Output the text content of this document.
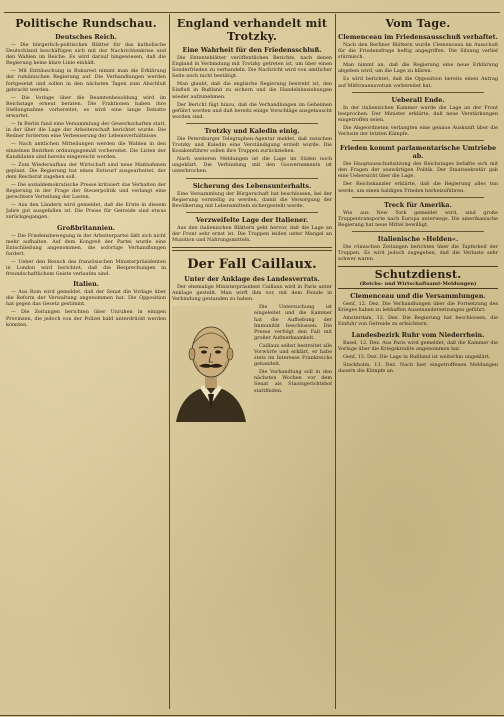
Politische Rundschau.
Deutsches Reich.

— Die bürgerlich-politischen Blätter für das katholische Deutschland beschäftigen sich mit der Nachrichtenkrise und den Wahlen im Reiche. Es wird darauf hingewiesen, daß die Regierung keine klare Linie einhält.

— Mit Enttäuschung in Bukarest nimmt man die Erklärung der rumänischen Regierung auf. Die Verhandlungen werden fortgesetzt und sollen in den nächsten Tagen zum Abschluß gebracht werden.

— Die Vorlage über die Beamtenbesoldung wird im Reichstage erneut beraten. Die Fraktionen haben ihre Stellungnahme vorbereitet; es wird eine lange Debatte erwartet.

— In Berlin fand eine Versammlung der Gewerkschaften statt, in der über die Lage der Arbeiterschaft berichtet wurde. Die Redner forderten eine Verbesserung der Lebensverhältnisse.

— Nach amtlichen Mitteilungen werden die Wahlen in den einzelnen Bezirken ordnungsgemäß vorbereitet. Die Listen der Kandidaten sind bereits eingereicht worden.

— Zum Wiederaufbau der Wirtschaft sind neue Maßnahmen geplant. Die Regierung hat einen Entwurf ausgearbeitet, der dem Reichsrat zugehen soll.

— Die sozialdemokratische Presse kritisiert das Verhalten der Regierung in der Frage der Steuerpolitik und verlangt eine gerechtere Verteilung der Lasten.

— Aus den Ländern wird gemeldet, daß die Ernte in diesem Jahre gut ausgefallen ist. Die Preise für Getreide sind etwas zurückgegangen.

Großbritannien.

— Die Friedensbewegung in der Arbeiterpartei läßt sich nicht mehr aufhalten. Auf dem Kongreß der Partei wurde eine Entschließung angenommen, die sofortige Verhandlungen fordert.

— Ueber den Besuch des französischen Ministerpräsidenten in London wird berichtet, daß die Besprechungen in freundschaftlichem Geiste verlaufen sind.

Italien.

— Aus Rom wird gemeldet, daß der Senat die Vorlage über die Reform der Verwaltung angenommen hat. Die Opposition hat gegen das Gesetz gestimmt.

— Die Zeitungen berichten über Unruhen in einigen Provinzen, die jedoch von der Polizei bald unterdrückt werden konnten.

England verhandelt mit Trotzky.
Eine Wahrheit für den Friedensschluß.

Die Ententeblätter veröffentlichen Berichte, nach denen England in Verbindung mit Trotzky getreten ist, um über einen Sonderfrieden zu verhandeln. Die Nachricht wird von amtlicher Seite noch nicht bestätigt.

Man glaubt, daß die englische Regierung bestrebt ist, den Einfluß in Rußland zu sichern und die Handelsbeziehungen wieder aufzunehmen.

Der Bericht fügt hinzu, daß die Verhandlungen im Geheimen geführt werden und daß bereits einige Vorschläge ausgetauscht worden sind.

Trotzky und Kaledin einig.

Die Petersburger Telegraphen-Agentur meldet, daß zwischen Trotzky und Kaledin eine Verständigung erzielt wurde. Die Kosakenführer sollen ihre Truppen zurückziehen.

Nach weiteren Meldungen ist die Lage im Süden noch ungeklärt. Die Verbindung mit den Gouvernements ist unterbrochen.

Sicherung des Lebensunterhalts.

Eine Versammlung der Bürgerschaft hat beschlossen, bei der Regierung vorstellig zu werden, damit die Versorgung der Bevölkerung mit Lebensmitteln sichergestellt werde.

Verzweifelte Lage der Italiener.

Aus den italienischen Blättern geht hervor, daß die Lage an der Front sehr ernst ist. Die Truppen leiden unter Mangel an Munition und Nahrungsmitteln.

Der Fall Caillaux.
Unter der Anklage des Landesverrats.

Der ehemalige Ministerpräsident Caillaux wird in Paris unter Anklage gestellt. Man wirft ihm vor, mit dem Feinde in Verbindung gestanden zu haben.

Die Untersuchung ist eingeleitet und die Kammer hat die Aufhebung der Immunität beschlossen. Die Presse verfolgt den Fall mit großer Aufmerksamkeit.

Caillaux selbst bestreitet alle Vorwürfe und erklärt, er habe stets im Interesse Frankreichs gehandelt.

Die Verhandlung soll in den nächsten Wochen vor dem Senat als Staatsgerichtshof stattfinden.

Vom Tage.
Clemenceau im Friedensausschuß verhaftet.

Nach den Berliner Blättern wurde Clemenceau im Ausschuß für die Friedensfrage heftig angegriffen. Die Sitzung verlief stürmisch.

Man nimmt an, daß die Regierung eine neue Erklärung abgeben wird, um die Lage zu klären.

Es wird berichtet, daß die Opposition bereits einen Antrag auf Mißtrauensvotum vorbereitet hat.

Ueberall Ende.

In der italienischen Kammer wurde die Lage an der Front besprochen. Der Minister erklärte, daß neue Verstärkungen eingetroffen seien.

Die Abgeordneten verlangten eine genaue Auskunft über die Verluste der letzten Kämpfe.

Frieden kommt parlamentarische Umtriebe ab.

Die Hauptausschußsitzung des Reichstages befaßte sich mit den Fragen der auswärtigen Politik. Der Staatssekretär gab eine Uebersicht über die Lage.

Der Reichskanzler erklärte, daß die Regierung alles tun werde, um einen baldigen Frieden herbeizuführen.

Treck für Amerika.

Wie aus New York gemeldet wird, sind große Truppentransporte nach Europa unterwegs. Die amerikanische Regierung hat neue Mittel bewilligt.

Italienische »Helden«.

Die römischen Zeitungen berichten über die Tapferkeit der Truppen. Es wird jedoch zugegeben, daß die Verluste sehr schwer waren.

Schutzdienst.
(Reichs- und Wirtschaftsamt-Meldungen)
Clemenceau und die Versammlungen.

Genf, 12. Dez. Die Verhandlungen über die Fortsetzung des Krieges haben zu lebhaften Auseinandersetzungen geführt.

Amsterdam, 12. Dez. Die Regierung hat beschlossen, die Einfuhr von Getreide zu erleichtern.

Landesbezirk Ruhr vom Niederrhein.

Basel, 12. Dez. Aus Paris wird gemeldet, daß die Kammer die Vorlage über die Kriegskredite angenommen hat.

Genf, 13. Dez. Die Lage in Rußland ist weiterhin ungeklärt.

Stockholm, 13. Dez. Nach hier eingetroffenen Meldungen dauern die Kämpfe an.
